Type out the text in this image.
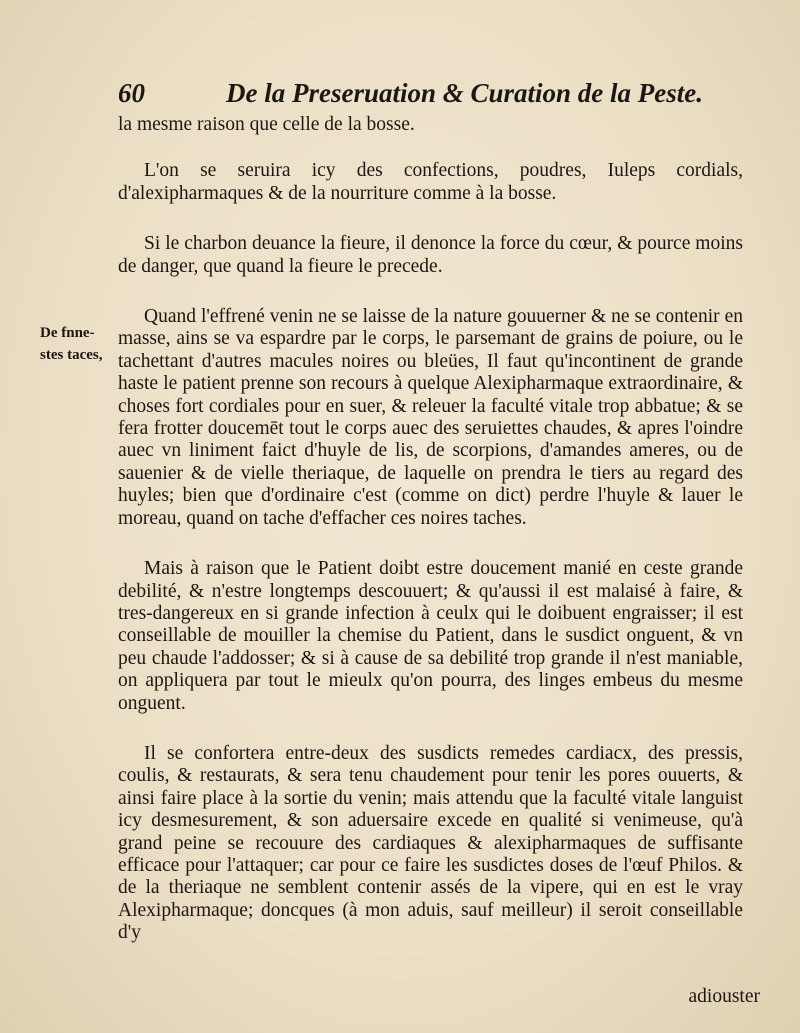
60	De la Preseruation & Curation de la Peste.
De fnne-
stes taces,

la mesme raison que celle de la bosse.

L'on se seruira icy des confections, poudres, Iuleps cordials, d'alexipharmaques & de la nourriture comme à la bosse.

Si le charbon deuance la fieure, il denonce la force du cœur, & pource moins de danger, que quand la fieure le precede.

Quand l'effrené venin ne se laisse de la nature gouuerner & ne se contenir en masse, ains se va espardre par le corps, le parsemant de grains de poiure, ou le tachettant d'autres macules noires ou bleües, Il faut qu'incontinent de grande haste le patient prenne son recours à quelque Alexipharmaque extraordinaire, & choses fort cordiales pour en suer, & releuer la faculté vitale trop abbatue; & se fera frotter doucemēt tout le corps auec des seruiettes chaudes, & apres l'oindre auec vn liniment faict d'huyle de lis, de scorpions, d'amandes ameres, ou de sauenier & de vielle theriaque, de laquelle on prendra le tiers au regard des huyles; bien que d'ordinaire c'est (comme on dict) perdre l'huyle & lauer le moreau, quand on tache d'effacher ces noires taches.

Mais à raison que le Patient doibt estre doucement manié en ceste grande debilité, & n'estre longtemps descouuert; & qu'aussi il est malaisé à faire, & tres-dangereux en si grande infection à ceulx qui le doibuent engraisser; il est conseillable de mouiller la chemise du Patient, dans le susdict onguent, & vn peu chaude l'addosser; & si à cause de sa debilité trop grande il n'est maniable, on appliquera par tout le mieulx qu'on pourra, des linges embeus du mesme onguent.

Il se confortera entre-deux des susdicts remedes cardiacx, des pressis, coulis, & restaurats, & sera tenu chaudement pour tenir les pores ouuerts, & ainsi faire place à la sortie du venin; mais attendu que la faculté vitale languist icy desmesurement, & son aduersaire excede en qualité si venimeuse, qu'à grand peine se recouure des cardiaques & alexipharmaques de suffisante efficace pour l'attaquer; car pour ce faire les susdictes doses de l'œuf Philos. & de la theriaque ne semblent contenir assés de la vipere, qui en est le vray Alexipharmaque; doncques (à mon aduis, sauf meilleur) il seroit conseillable d'y

adiouster
